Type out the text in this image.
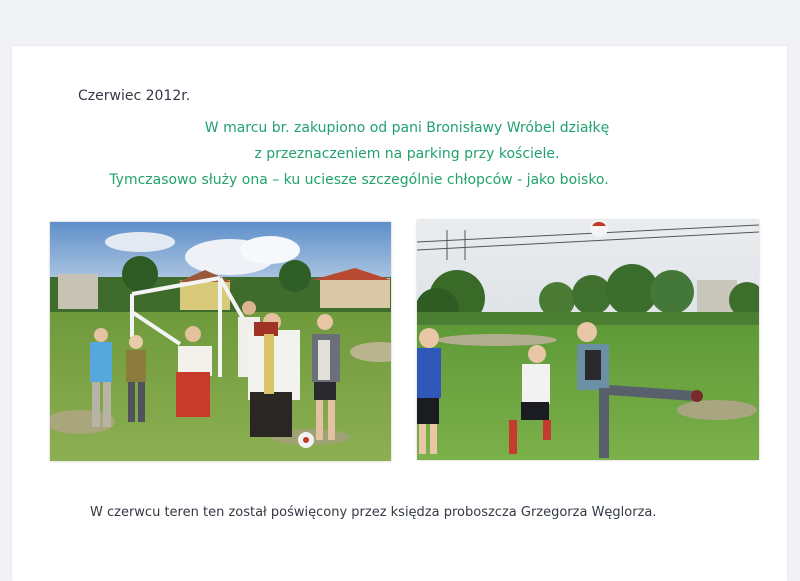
Czerwiec 2012r.
W marcu br. zakupiono od pani Bronisławy Wróbel działkę
z przeznaczeniem na parking przy kościele.
Tymczasowo służy ona – ku uciesze szczególnie chłopców - jako boisko.
W czerwcu teren ten został poświęcony przez księdza proboszcza Grzegorza Węglorza.
